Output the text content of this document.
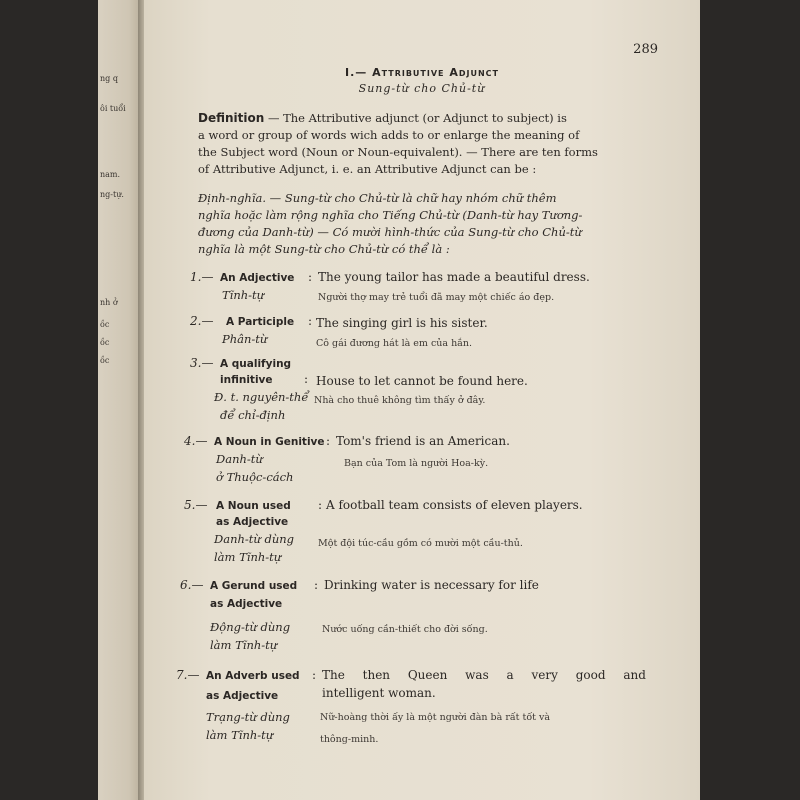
ng q
ôi tuổi
nam.
ng-tự.
nh ở
ồc
ồc
ồc
289
I.— Attributive Adjunct
Sung-từ cho Chủ-từ
Definition — The Attributive adjunct (or Adjunct to subject) is
a word or group of words wich adds to or enlarge the meaning of
the Subject word (Noun or Noun-equivalent). — There are ten forms
of Attributive Adjunct, i. e. an Attributive Adjunct can be :
Định-nghĩa. — Sung-từ cho Chủ-từ là chữ hay nhóm chữ thêm
nghĩa hoặc làm rộng nghĩa cho Tiếng Chủ-từ (Danh-từ hay Tương-
đương của Danh-từ) — Có mười hình-thức của Sung-từ cho Chủ-từ
nghĩa là một Sung-từ cho Chủ-từ có thể là :
1.— An Adjective : The young tailor has made a beautiful dress.
Tĩnh-tự	Người thợ may trẻ tuổi đã may một chiếc áo đẹp.
2.— A Participle : The singing girl is his sister.
Phân-từ	Cô gái đương hát là em của hắn.
3.— A qualifying
infinitive	: House to let cannot be found here.
Đ. t. nguyên-thể
để chỉ-định
Nhà cho thuê không tìm thấy ở đây.
4.— A Noun in Genitive : Tom's friend is an American.
Danh-từ	Bạn của Tom là người Hoa-kỳ.
ở Thuộc-cách
5.— A Noun used : A football team consists of eleven players.
as Adjective
Danh-từ dùng	Một đội túc-cầu gồm có mười một cầu-thủ.
làm Tĩnh-tự
6.— A Gerund used : Drinking water is necessary for life
as Adjective
Động-từ dùng	Nước uống cần-thiết cho đời sống.
làm Tĩnh-tự
7.— An Adverb used : The then Queen was a very good and
as Adjective	intelligent woman.
Trạng-từ dùng	Nữ-hoàng thời ấy là một người đàn bà rất tốt và
làm Tĩnh-tự	thông-minh.
